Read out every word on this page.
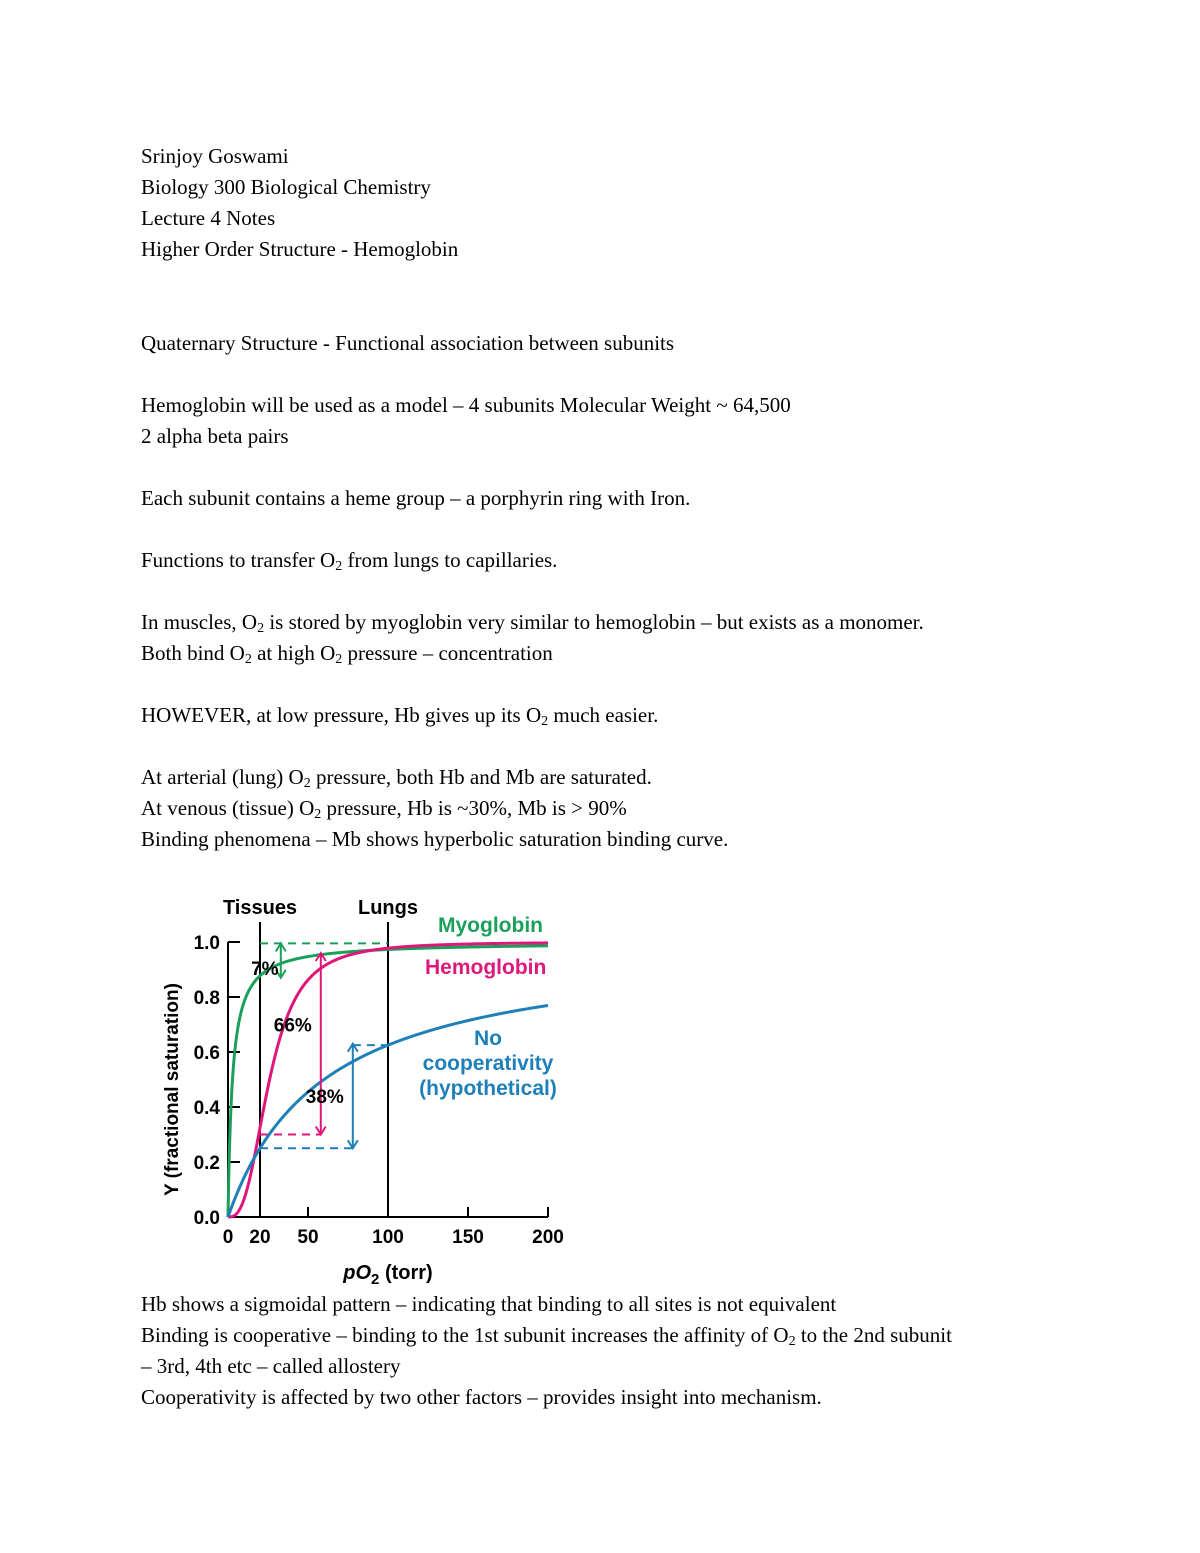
Srinjoy Goswami
Biology 300 Biological Chemistry
Lecture 4 Notes
Higher Order Structure - Hemoglobin
Quaternary Structure - Functional association between subunits
Hemoglobin will be used as a model – 4 subunits Molecular Weight ~ 64,500
2 alpha beta pairs
Each subunit contains a heme group – a porphyrin ring with Iron.
Functions to transfer $O_2$ from lungs to capillaries.
In muscles, $O_2$ is stored by myoglobin very similar to hemoglobin – but exists as a monomer.
Both bind $O_2$ at high $O_2$ pressure – concentration
HOWEVER, at low pressure, Hb gives up its $O_2$ much easier.
At arterial (lung) $O_2$ pressure, both Hb and Mb are saturated.
At venous (tissue) $O_2$ pressure, Hb is ~30%, Mb is > 90%
Binding phenomena – Mb shows hyperbolic saturation binding curve.
0.0
0.2
0.4
0.6
0.8
1.0
0 20 50	100	150	200
Y (fractional saturation)
$pO_2$ (torr)
Tissues	Lungs
7%
66%
38%
Myoglobin
Hemoglobin
No
cooperativity
(hypothetical)
Hb shows a sigmoidal pattern – indicating that binding to all sites is not equivalent
Binding is cooperative – binding to the 1st subunit increases the affinity of $O_2$ to the 2nd subunit
– 3rd, 4th etc – called allostery
Cooperativity is affected by two other factors – provides insight into mechanism.
